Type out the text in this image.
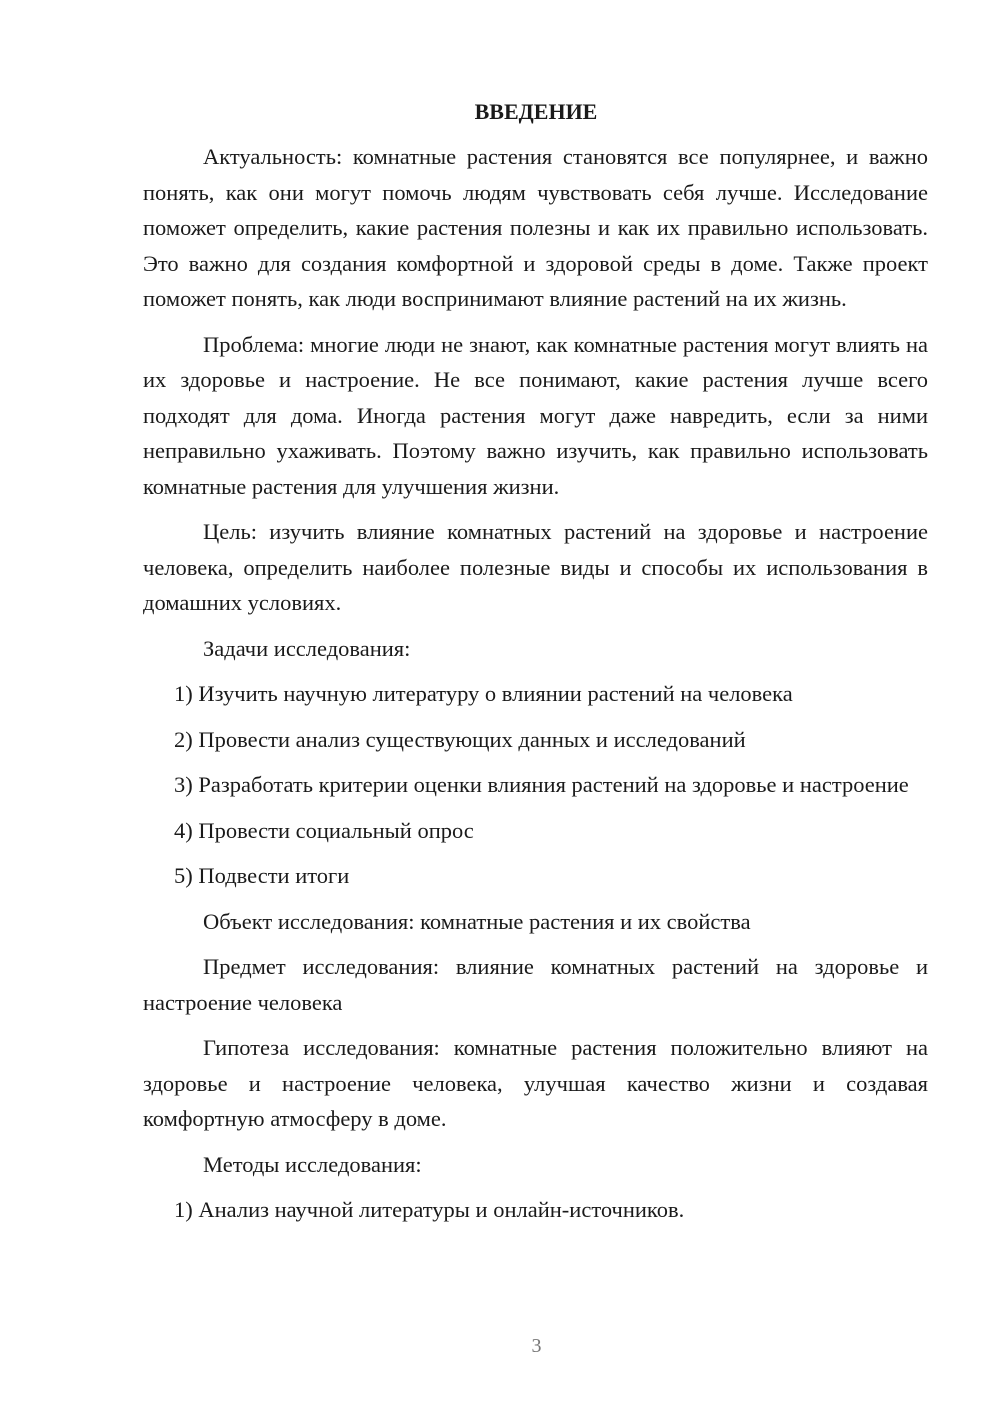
ВВЕДЕНИЕ

Актуальность: комнатные растения становятся все популярнее, и важно понять, как они могут помочь людям чувствовать себя лучше. Исследование поможет определить, какие растения полезны и как их правильно использовать. Это важно для создания комфортной и здоровой среды в доме. Также проект поможет понять, как люди воспринимают влияние растений на их жизнь.

Проблема: многие люди не знают, как комнатные растения могут влиять на их здоровье и настроение. Не все понимают, какие растения лучше всего подходят для дома. Иногда растения могут даже навредить, если за ними неправильно ухаживать. Поэтому важно изучить, как правильно использовать комнатные растения для улучшения жизни.

Цель: изучить влияние комнатных растений на здоровье и настроение человека, определить наиболее полезные виды и способы их использования в домашних условиях.

Задачи исследования:

1) Изучить научную литературу о влиянии растений на человека

2) Провести анализ существующих данных и исследований

3) Разработать критерии оценки влияния растений на здоровье и настроение

4) Провести социальный опрос

5) Подвести итоги

Объект исследования: комнатные растения и их свойства

Предмет исследования: влияние комнатных растений на здоровье и настроение человека

Гипотеза исследования: комнатные растения положительно влияют на здоровье и настроение человека, улучшая качество жизни и создавая комфортную атмосферу в доме.

Методы исследования:

1) Анализ научной литературы и онлайн-источников.

3
